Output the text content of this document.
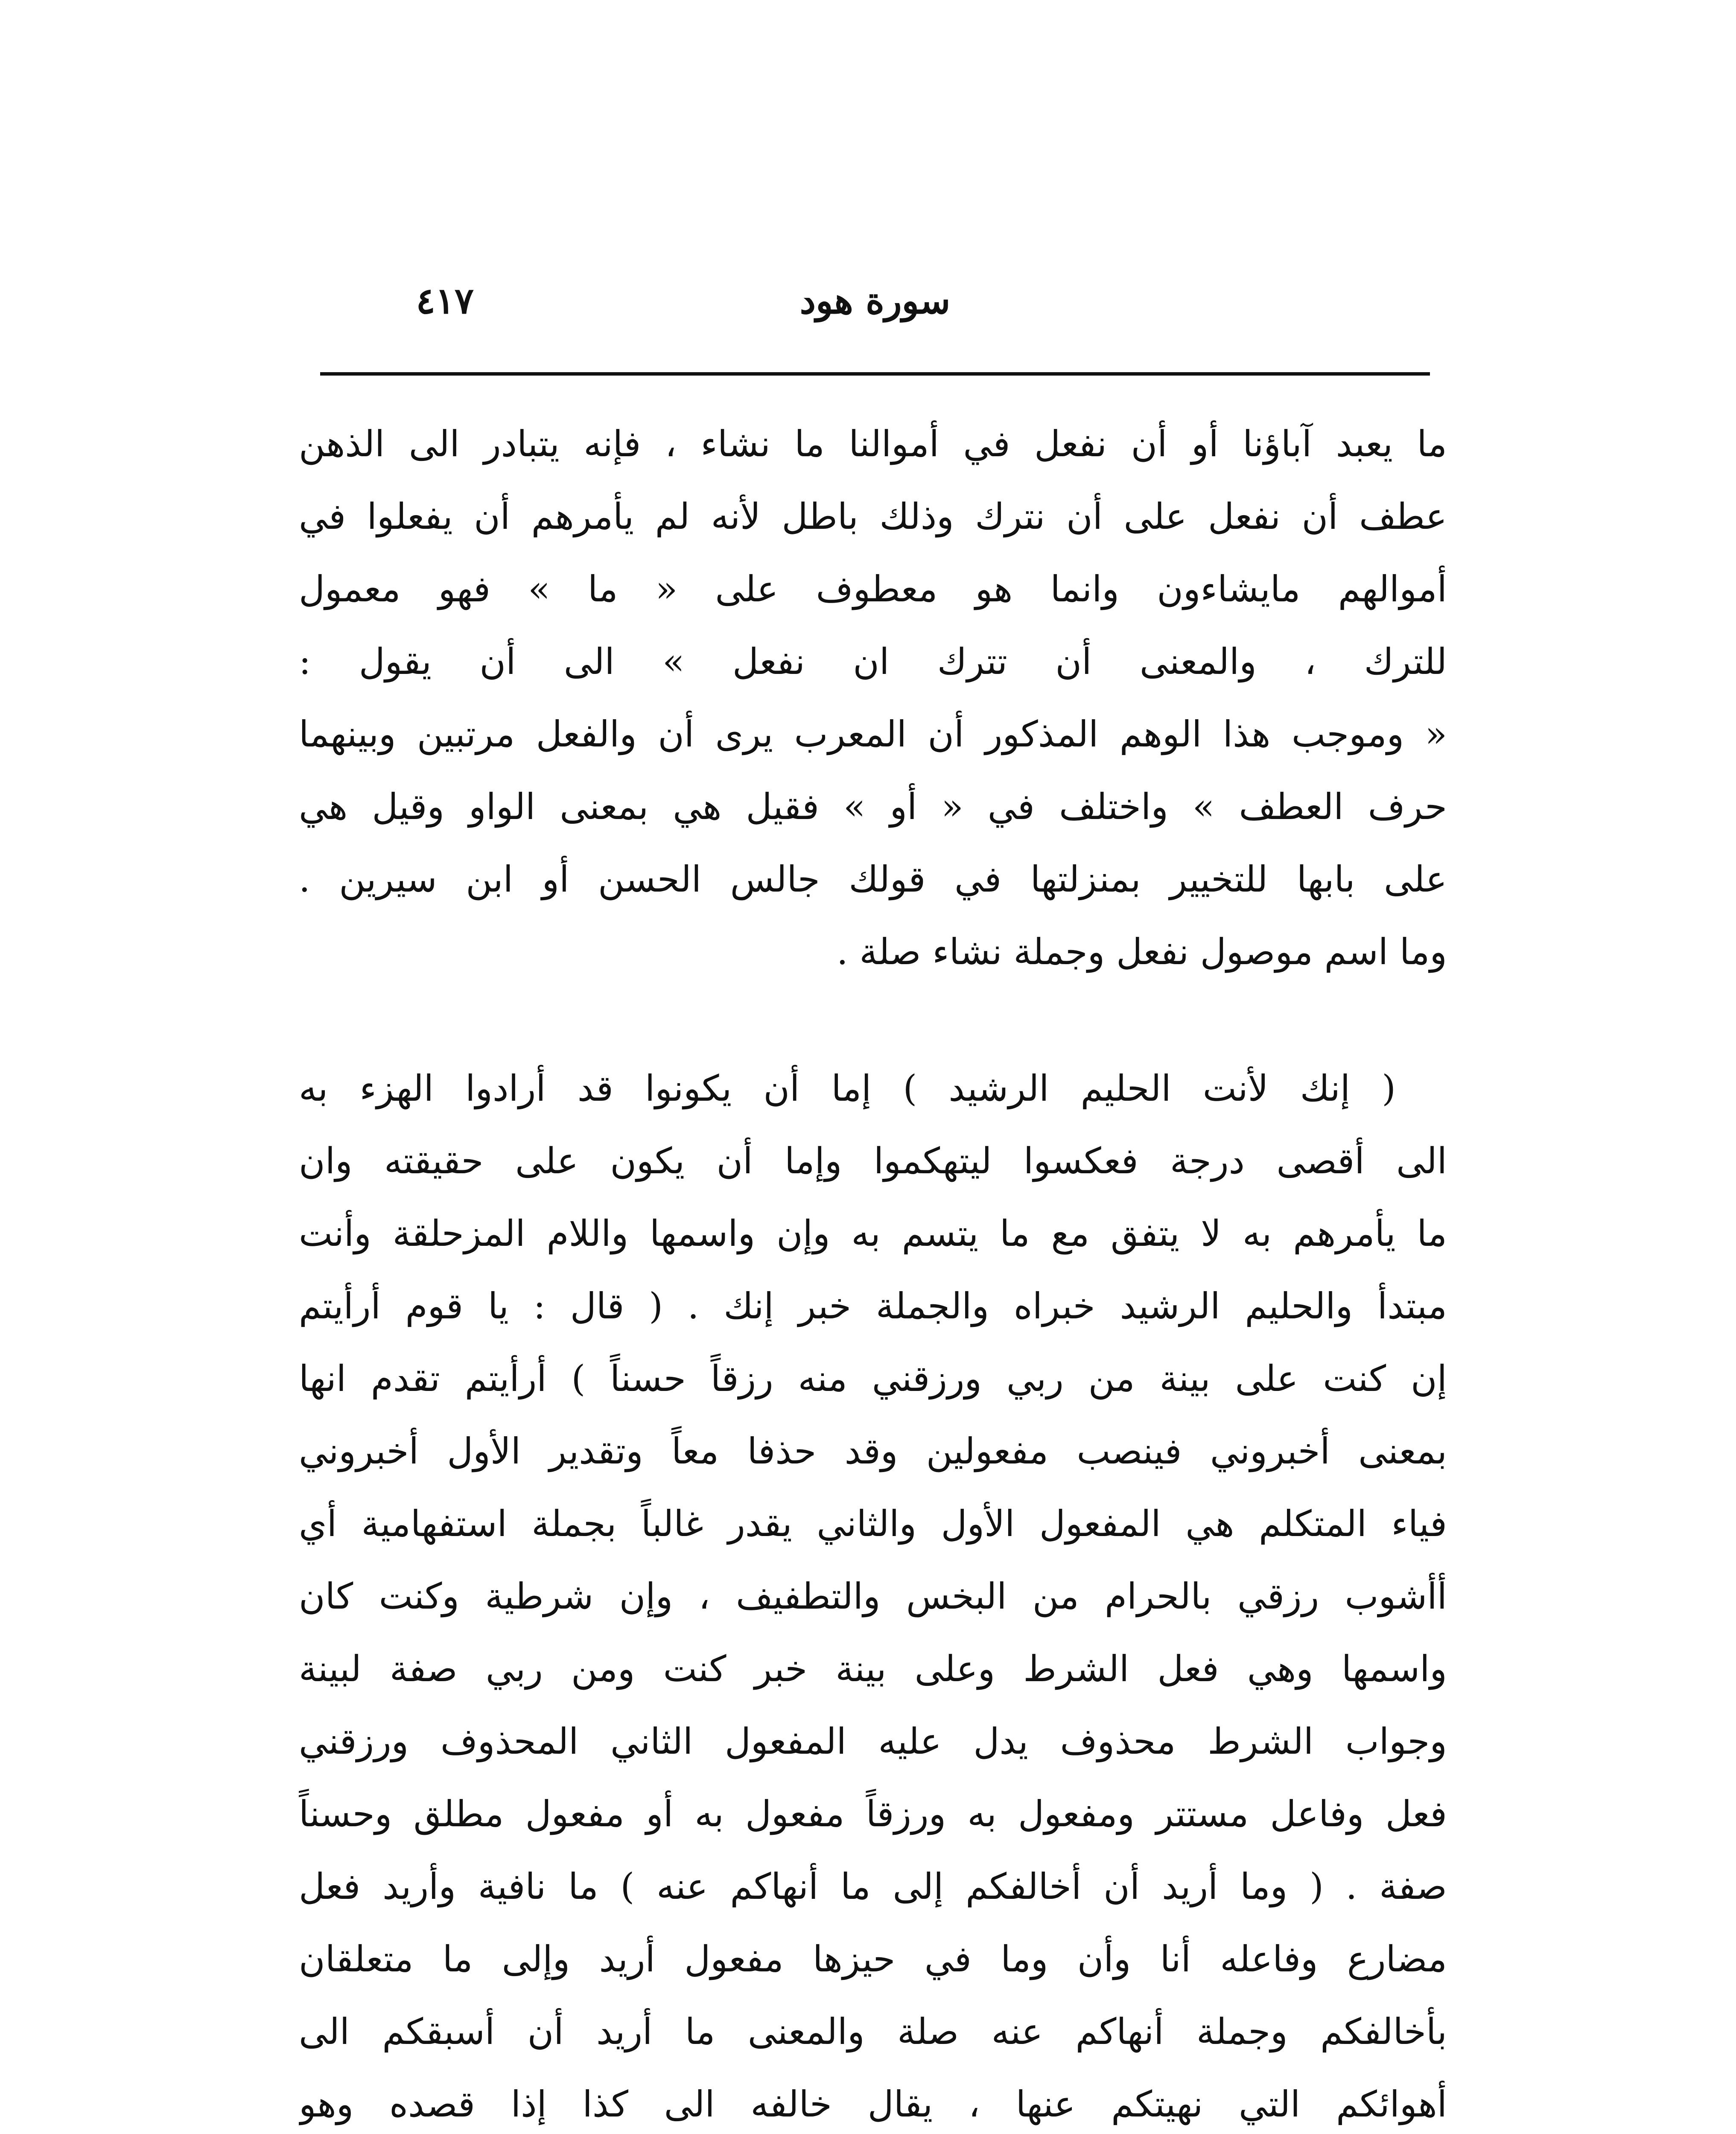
سورة هود
٤١٧
ما يعبد آباؤنا أو أن نفعل في أموالنا ما نشاء ، فإنه يتبادر الى الذهن
عطف أن نفعل على أن نترك وذلك باطل لأنه لم يأمرهم أن يفعلوا في
أموالهم مايشاءون وانما هو معطوف على « ما » فهو معمول
للترك ، والمعنى أن تترك ان نفعل » الى أن يقول :
« وموجب هذا الوهم المذكور أن المعرب يرى أن والفعل مرتبين وبينهما
حرف العطف » واختلف في « أو » فقيل هي بمعنى الواو وقيل هي
على بابها للتخيير بمنزلتها في قولك جالس الحسن أو ابن سيرين .
وما اسم موصول نفعل وجملة نشاء صلة .
( إنك لأنت الحليم الرشيد ) إما أن يكونوا قد أرادوا الهزء به
الى أقصى درجة فعكسوا ليتهكموا وإما أن يكون على حقيقته وان
ما يأمرهم به لا يتفق مع ما يتسم به وإن واسمها واللام المزحلقة وأنت
مبتدأ والحليم الرشيد خبراه والجملة خبر إنك . ( قال : يا قوم أرأيتم
إن كنت على بينة من ربي ورزقني منه رزقاً حسناً ) أرأيتم تقدم انها
بمعنى أخبروني فينصب مفعولين وقد حذفا معاً وتقدير الأول أخبروني
فياء المتكلم هي المفعول الأول والثاني يقدر غالباً بجملة استفهامية أي
أأشوب رزقي بالحرام من البخس والتطفيف ، وإن شرطية وكنت كان
واسمها وهي فعل الشرط وعلى بينة خبر كنت ومن ربي صفة لبينة
وجواب الشرط محذوف يدل عليه المفعول الثاني المحذوف ورزقني
فعل وفاعل مستتر ومفعول به ورزقاً مفعول به أو مفعول مطلق وحسناً
صفة . ( وما أريد أن أخالفكم إلى ما أنهاكم عنه ) ما نافية وأريد فعل
مضارع وفاعله أنا وأن وما في حيزها مفعول أريد وإلى ما متعلقان
بأخالفكم وجملة أنهاكم عنه صلة والمعنى ما أريد أن أسبقكم الى
أهوائكم التي نهيتكم عنها ، يقال خالفه الى كذا إذا قصده وهو
